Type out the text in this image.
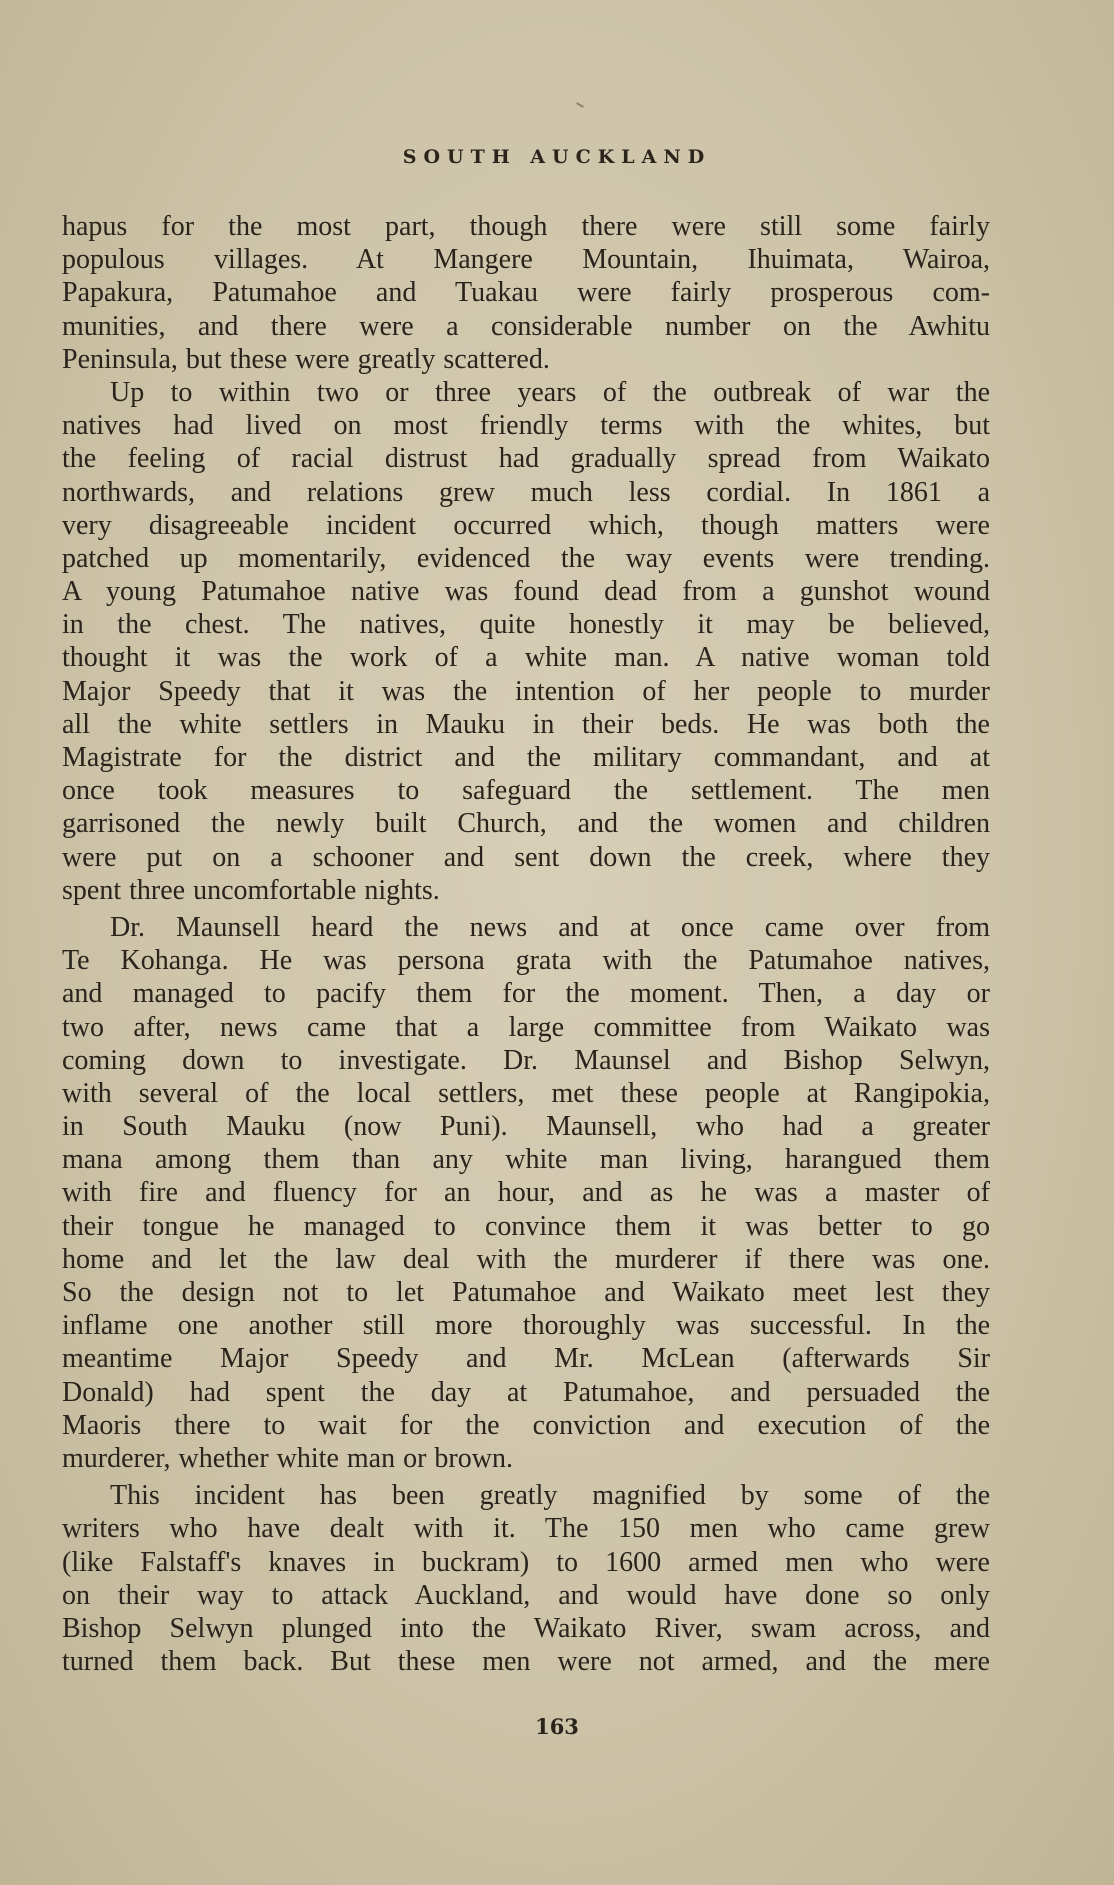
SOUTH AUCKLAND
hapus for the most part, though there were still some fairly
populous villages. At Mangere Mountain, Ihuimata, Wairoa,
Papakura, Patumahoe and Tuakau were fairly prosperous com-
munities, and there were a considerable number on the Awhitu
Peninsula, but these were greatly scattered.
Up to within two or three years of the outbreak of war the
natives had lived on most friendly terms with the whites, but
the feeling of racial distrust had gradually spread from Waikato
northwards, and relations grew much less cordial. In 1861 a
very disagreeable incident occurred which, though matters were
patched up momentarily, evidenced the way events were trending.
A young Patumahoe native was found dead from a gunshot wound
in the chest. The natives, quite honestly it may be believed,
thought it was the work of a white man. A native woman told
Major Speedy that it was the intention of her people to murder
all the white settlers in Mauku in their beds. He was both the
Magistrate for the district and the military commandant, and at
once took measures to safeguard the settlement. The men
garrisoned the newly built Church, and the women and children
were put on a schooner and sent down the creek, where they
spent three uncomfortable nights.
Dr. Maunsell heard the news and at once came over from
Te Kohanga. He was persona grata with the Patumahoe natives,
and managed to pacify them for the moment. Then, a day or
two after, news came that a large committee from Waikato was
coming down to investigate. Dr. Maunsel and Bishop Selwyn,
with several of the local settlers, met these people at Rangipokia,
in South Mauku (now Puni). Maunsell, who had a greater
mana among them than any white man living, harangued them
with fire and fluency for an hour, and as he was a master of
their tongue he managed to convince them it was better to go
home and let the law deal with the murderer if there was one.
So the design not to let Patumahoe and Waikato meet lest they
inflame one another still more thoroughly was successful. In the
meantime Major Speedy and Mr. McLean (afterwards Sir
Donald) had spent the day at Patumahoe, and persuaded the
Maoris there to wait for the conviction and execution of the
murderer, whether white man or brown.
This incident has been greatly magnified by some of the
writers who have dealt with it. The 150 men who came grew
(like Falstaff's knaves in buckram) to 1600 armed men who were
on their way to attack Auckland, and would have done so only
Bishop Selwyn plunged into the Waikato River, swam across, and
turned them back. But these men were not armed, and the mere
163
